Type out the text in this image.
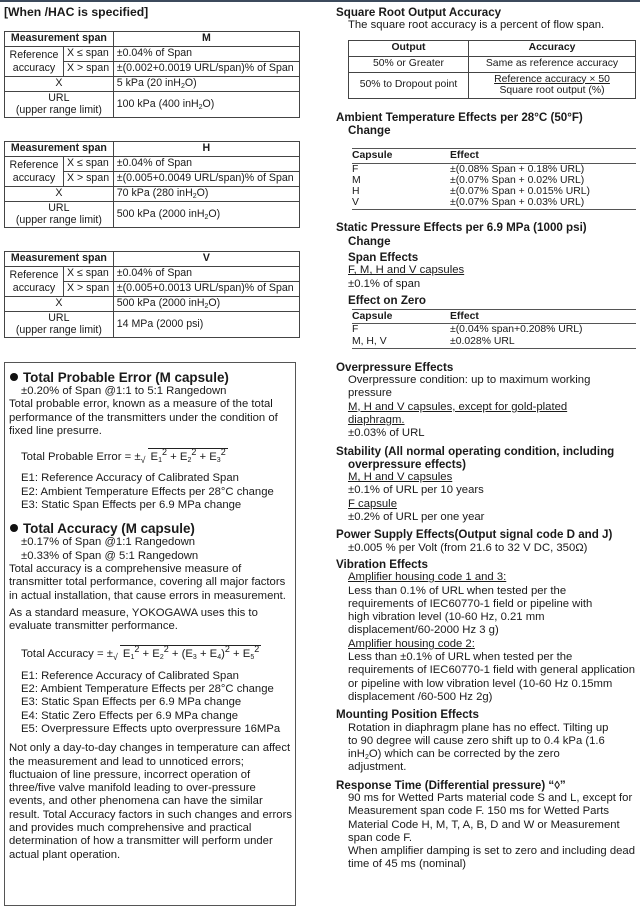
[When /HAC is specified]
Measurement span		M
Reference
accuracy	X ≤ span	±0.04% of Span
	X > span	±(0.002+0.0019 URL/span)% of Span
X		5 kPa (20 inH$_2$O)
URL
(upper range limit)		100 kPa (400 inH$_2$O)
Measurement span		H
Reference
accuracy	X ≤ span	±0.04% of Span
	X > span	±(0.005+0.0049 URL/span)% of Span
X		70 kPa (280 inH$_2$O)
URL
(upper range limit)		500 kPa (2000 inH$_2$O)
Measurement span		V
Reference
accuracy	X ≤ span	±0.04% of Span
	X > span	±(0.005+0.0013 URL/span)% of Span
X		500 kPa (2000 inH$_2$O)
URL
(upper range limit)		14 MPa (2000 psi)
Total Probable Error (M capsule)
±0.20% of Span @1:1 to 5:1 Rangedown

Total probable error, known as a measure of the total performance of the transmitters under the condition of fixed line presurre.

Total Probable Error = ± √ $E_1^2 + E_2^2 + E_3^2$
E1: Reference Accuracy of Calibrated Span
E2: Ambient Temperature Effects per 28°C change
E3: Static Span Effects per 6.9 MPa change
Total Accuracy (M capsule)
±0.17% of Span @1:1 Rangedown
±0.33% of Span @ 5:1 Rangedown

Total accuracy is a comprehensive measure of transmitter total performance, covering all major factors in actual installation, that cause errors in measurement.

As a standard measure, YOKOGAWA uses this to evaluate transmitter performance.

Total Accuracy = ± √ $E_1^2 + E_2^2 + (E_3 + E_4)^2 + E_5^2$
E1: Reference Accuracy of Calibrated Span
E2: Ambient Temperature Effects per 28°C change
E3: Static Span Effects per 6.9 MPa change
E4: Static Zero Effects per 6.9 MPa change
E5: Overpressure Effects upto overpressure 16MPa

Not only a day-to-day changes in temperature can affect the measurement and lead to unnoticed errors; fluctuaion of line pressure, incorrect operation of three/five valve manifold leading to over-pressure events, and other phenomena can have the similar result. Total Accuracy factors in such changes and errors and provides much comprehensive and practical determination of how a transmitter will perform under actual plant operation.

Square Root Output Accuracy
The square root accuracy is a percent of flow span.
Output	Accuracy
50% or Greater	Same as reference accuracy
50% to Dropout point	Reference accuracy × 50
Square root output (%)
Ambient Temperature Effects per 28°C (50°F)
Change
Capsule	Effect
F	±(0.08% Span + 0.18% URL)
M	±(0.07% Span + 0.02% URL)
H	±(0.07% Span + 0.015% URL)
V	±(0.07% Span + 0.03% URL)
Static Pressure Effects per 6.9 MPa (1000 psi)
Change
Span Effects
F, M, H and V capsules
±0.1% of span
Effect on Zero
Capsule	Effect
F	±(0.04% span+0.208% URL)
M, H, V	±0.028% URL
Overpressure Effects
Overpressure condition: up to maximum working pressure
M, H and V capsules, except for gold-plated diaphragm.
±0.03% of URL
Stability (All normal operating condition, including
overpressure effects)
M, H and V capsules
±0.1% of URL per 10 years
F capsule
±0.2% of URL per one year
Power Supply Effects(Output signal code D and J)
±0.005 % per Volt (from 21.6 to 32 V DC, 350Ω)
Vibration Effects
Amplifier housing code 1 and 3:
Less than 0.1% of URL when tested per the requirements of IEC60770-1 field or pipeline with high vibration level (10-60 Hz, 0.21 mm displacement/60-2000 Hz 3 g)
Amplifier housing code 2:
Less than ±0.1% of URL when tested per the requirements of IEC60770-1 field with general application or pipeline with low vibration level (10-60 Hz 0.15mm displacement /60-500 Hz 2g)
Mounting Position Effects
Rotation in diaphragm plane has no effect. Tilting up to 90 degree will cause zero shift up to 0.4 kPa (1.6 inH$_2$O) which can be corrected by the zero adjustment.
Response Time (Differential pressure) “◊”
90 ms for Wetted Parts material code S and L, except for Measurement span code F. 150 ms for Wetted Parts Material Code H, M, T, A, B, D and W or Measurement span code F.
When amplifier damping is set to zero and including dead time of 45 ms (nominal)
